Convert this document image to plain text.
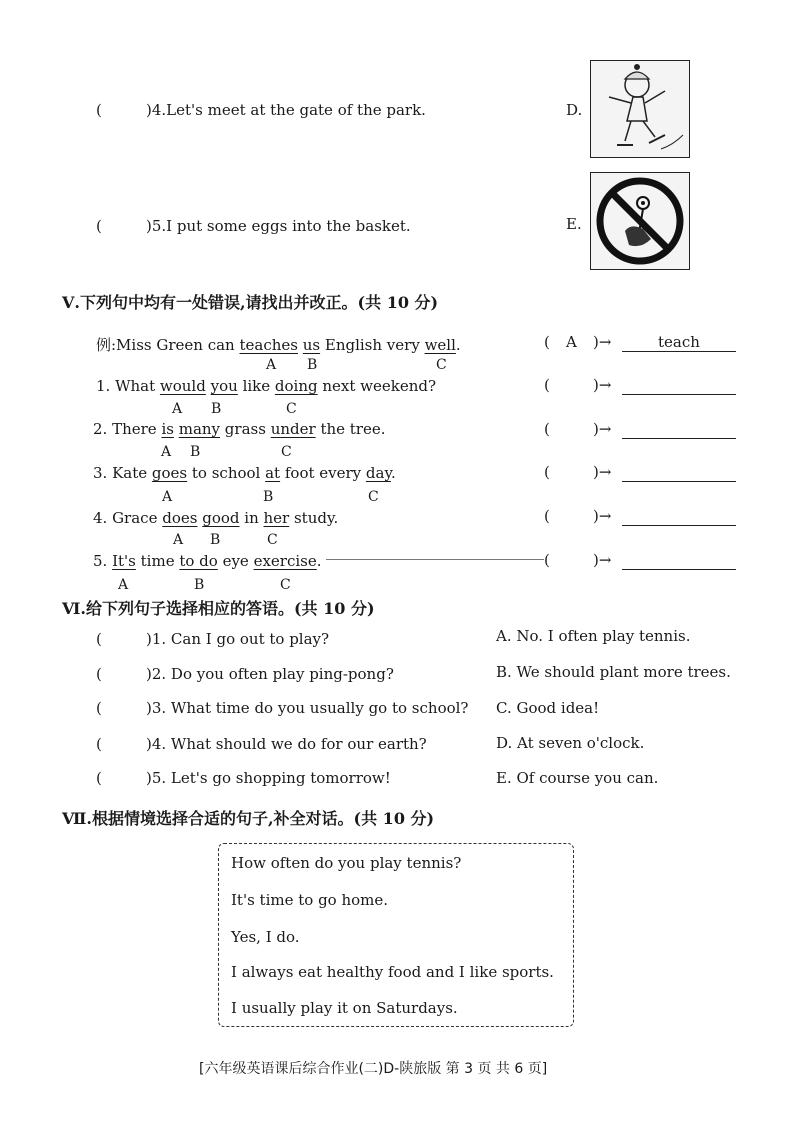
(	)4.Let's meet at the gate of the park.	D.
(	)5.I put some eggs into the basket.	E.
Ⅴ.下列句中均有一处错误,请找出并改正。(共 10 分)
例:Miss Green can teaches us English very well.
A B	C
( A )→	teach
1. What would you like doing next weekend?
A B	C
(	)→
2. There is many grass under the tree.
A B	C
(	)→
3. Kate goes to school at foot every day.
A	B	C
(	)→
4. Grace does good in her study.
A B	C
(	)→
5. It's time to do eye exercise.
A	B	C
(	)→
Ⅵ.给下列句子选择相应的答语。(共 10 分)
(	)1. Can I go out to play?	A. No. I often play tennis.
(	)2. Do you often play ping-pong?	B. We should plant more trees.
(	)3. What time do you usually go to school? C. Good idea!
(	)4. What should we do for our earth?	D. At seven o'clock.
(	)5. Let's go shopping tomorrow!	E. Of course you can.
Ⅶ.根据情境选择合适的句子,补全对话。(共 10 分)
How often do you play tennis?
It's time to go home.
Yes, I do.
I always eat healthy food and I like sports.
I usually play it on Saturdays.
[六年级英语课后综合作业(二)D-陕旅版 第 3 页 共 6 页]
